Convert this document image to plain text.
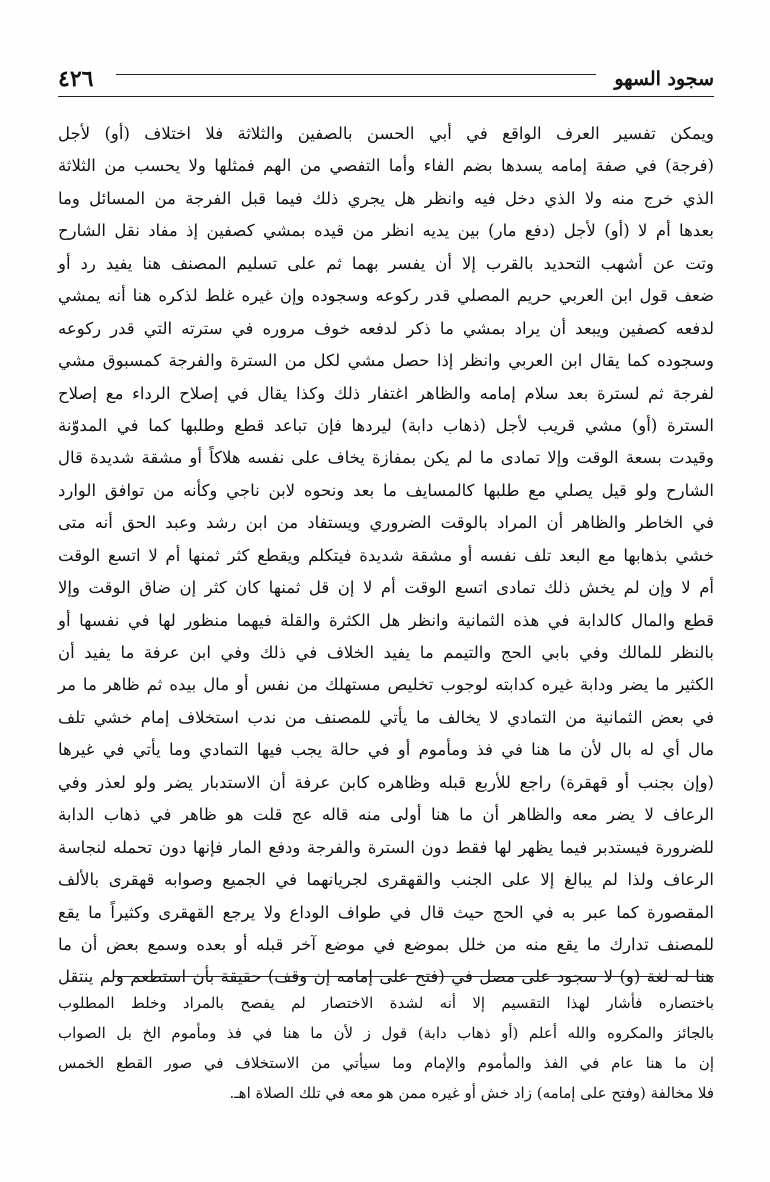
٤٢٦	سجود السهو
ويمكن تفسير العرف الواقع في أبي الحسن بالصفين والثلاثة فلا اختلاف (أو) لأجل
(فرجة) في صفة إمامه يسدها بضم الفاء وأما التفصي من الهم فمثلها ولا يحسب من الثلاثة
الذي خرج منه ولا الذي دخل فيه وانظر هل يجري ذلك فيما قبل الفرجة من المسائل وما
بعدها أم لا (أو) لأجل (دفع مار) بين يديه انظر من قيده بمشي كصفين إذ مفاد نقل الشارح
وتت عن أشهب التحديد بالقرب إلا أن يفسر بهما ثم على تسليم المصنف هنا يفيد رد أو
ضعف قول ابن العربي حريم المصلي قدر ركوعه وسجوده وإن غيره غلط لذكره هنا أنه يمشي
لدفعه كصفين ويبعد أن يراد بمشي ما ذكر لدفعه خوف مروره في سترته التي قدر ركوعه
وسجوده كما يقال ابن العربي وانظر إذا حصل مشي لكل من السترة والفرجة كمسبوق مشي
لفرجة ثم لسترة بعد سلام إمامه والظاهر اغتفار ذلك وكذا يقال في إصلاح الرداء مع إصلاح
السترة (أو) مشي قريب لأجل (ذهاب دابة) ليردها فإن تباعد قطع وطلبها كما في المدوّنة
وقيدت بسعة الوقت وإلا تمادى ما لم يكن بمفازة يخاف على نفسه هلاكاً أو مشقة شديدة قال
الشارح ولو قيل يصلي مع طلبها كالمسايف ما بعد ونحوه لابن ناجي وكأنه من توافق الوارد
في الخاطر والظاهر أن المراد بالوقت الضروري ويستفاد من ابن رشد وعبد الحق أنه متى
خشي بذهابها مع البعد تلف نفسه أو مشقة شديدة فيتكلم ويقطع كثر ثمنها أم لا اتسع الوقت
أم لا وإن لم يخش ذلك تمادى اتسع الوقت أم لا إن قل ثمنها كان كثر إن ضاق الوقت وإلا
قطع والمال كالدابة في هذه الثمانية وانظر هل الكثرة والقلة فيهما منظور لها في نفسها أو
بالنظر للمالك وفي بابي الحج والتيمم ما يفيد الخلاف في ذلك وفي ابن عرفة ما يفيد أن
الكثير ما يضر ودابة غيره كدابته لوجوب تخليص مستهلك من نفس أو مال بيده ثم ظاهر ما مر
في بعض الثمانية من التمادي لا يخالف ما يأتي للمصنف من ندب استخلاف إمام خشي تلف
مال أي له بال لأن ما هنا في فذ ومأموم أو في حالة يجب فيها التمادي وما يأتي في غيرها
(وإن بجنب أو قهقرة) راجع للأربع قبله وظاهره كابن عرفة أن الاستدبار يضر ولو لعذر وفي
الرعاف لا يضر معه والظاهر أن ما هنا أولى منه قاله عج قلت هو ظاهر في ذهاب الدابة
للضرورة فيستدبر فيما يظهر لها فقط دون السترة والفرجة ودفع المار فإنها دون تحمله لنجاسة
الرعاف ولذا لم يبالغ إلا على الجنب والقهقرى لجريانهما في الجميع وصوابه قهقرى بالألف
المقصورة كما عبر به في الحج حيث قال في طواف الوداع ولا يرجع القهقرى وكثيراً ما يقع
للمصنف تدارك ما يقع منه من خلل بموضع في موضع آخر قبله أو بعده وسمع بعض أن ما
هنا له لغة (و) لا سجود على مصل في (فتح على إمامه إن وقف) حقيقة بأن استطعم ولم ينتقل
باختصاره فأشار لهذا التقسيم إلا أنه لشدة الاختصار لم يفصح بالمراد وخلط المطلوب
بالجائز والمكروه والله أعلم (أو ذهاب دابة) قول ز لأن ما هنا في فذ ومأموم الخ بل الصواب
إن ما هنا عام في الفذ والمأموم والإمام وما سيأتي من الاستخلاف في صور القطع الخمس
فلا مخالفة (وفتح على إمامه) زاد خش أو غيره ممن هو معه في تلك الصلاة اهـ.
